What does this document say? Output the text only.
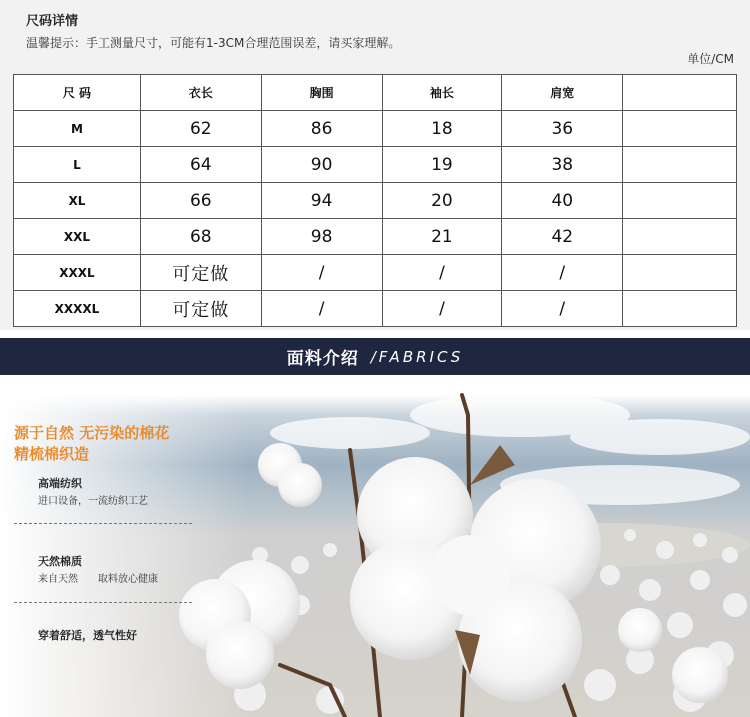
尺码详情
温馨提示：手工测量尺寸，可能有1-3CM合理范围误差，请买家理解。
单位/CM
尺 码	衣长	胸围	袖长	肩宽	
M	62	86	18	36	
L	64	90	19	38	
XL	66	94	20	40	
XXL	68	98	21	42	
XXXL	可定做	/	/	/	
XXXXL	可定做	/	/	/	
面料介绍 /FABRICS
源于自然 无污染的棉花
精梳棉织造
高端纺织
进口设备，一流纺织工艺
天然棉质
来自天然　　取料放心健康
穿着舒适，透气性好
